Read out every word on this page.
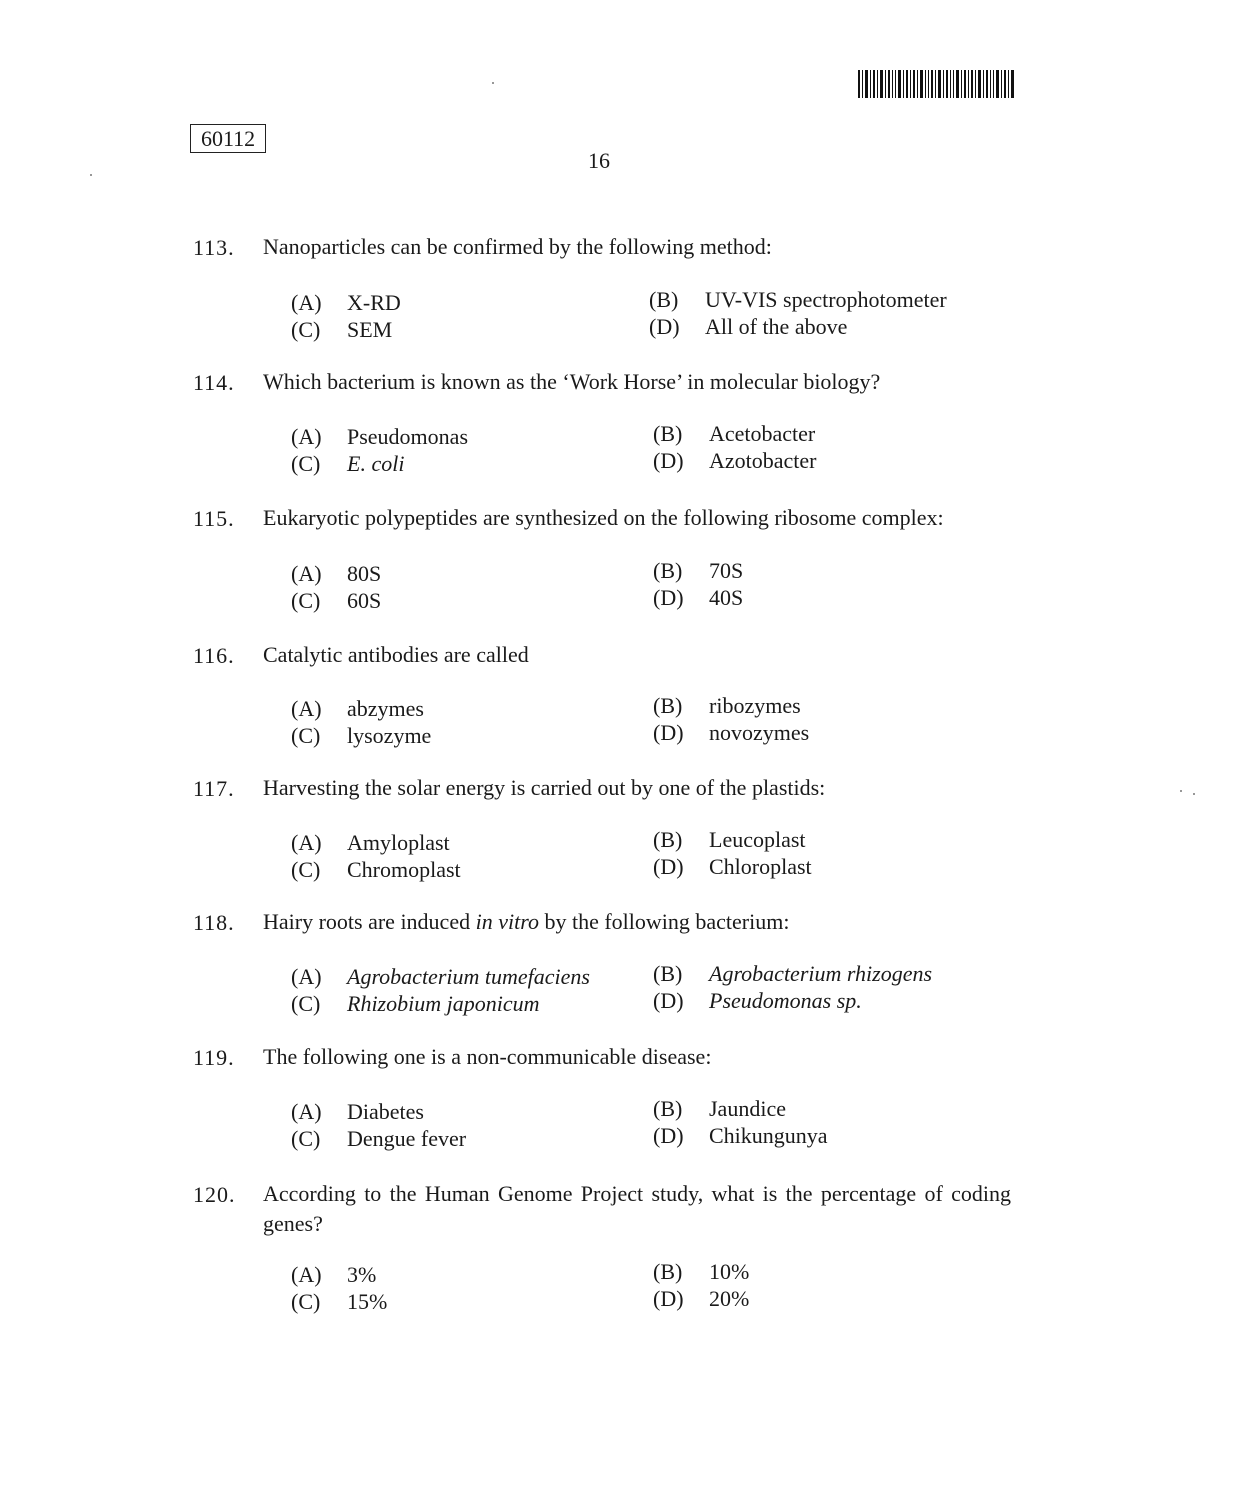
60112
16
113. Nanoparticles can be confirmed by the following method:
(A) X-RD	(B) UV-VIS spectrophotometer
(C) SEM	(D) All of the above
114. Which bacterium is known as the ‘Work Horse’ in molecular biology?
(A) Pseudomonas	(B) Acetobacter
(C) E. coli	(D) Azotobacter
115. Eukaryotic polypeptides are synthesized on the following ribosome complex:
(A) 80S	(B) 70S
(C) 60S	(D) 40S
116. Catalytic antibodies are called
(A) abzymes	(B) ribozymes
(C) lysozyme	(D) novozymes
117. Harvesting the solar energy is carried out by one of the plastids:
(A) Amyloplast	(B) Leucoplast
(C) Chromoplast	(D) Chloroplast
118. Hairy roots are induced in vitro by the following bacterium:
(A) Agrobacterium tumefaciens	(B) Agrobacterium rhizogens
(C) Rhizobium japonicum	(D) Pseudomonas sp.
119. The following one is a non-communicable disease:
(A) Diabetes	(B) Jaundice
(C) Dengue fever	(D) Chikungunya
120. According to the Human Genome Project study, what is the percentage of coding genes?
(A) 3%	(B) 10%
(C) 15%	(D) 20%
